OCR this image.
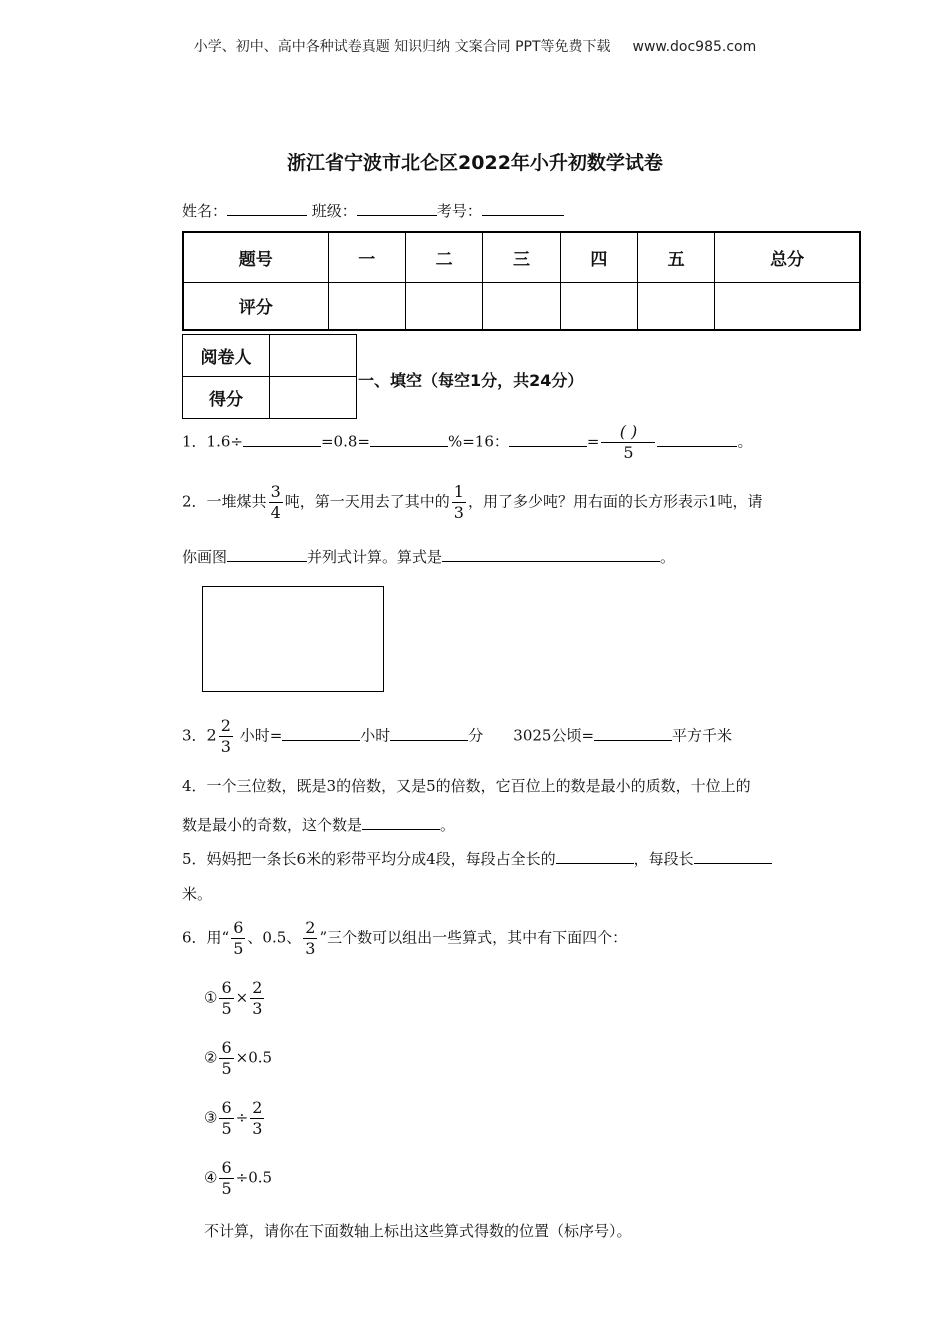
小学、初中、高中各种试卷真题 知识归纳 文案合同 PPT等免费下载 www.doc985.com
浙江省宁波市北仑区2022年小升初数学试卷
姓名：	班级：	考号：
题号	一	二	三	四	五	总分
评分						
阅卷人	
得分	
一、填空（每空1分，共24分）
1．1.6÷	=0.8=	%=16：	= $\frac{( )}{5}$	。
2．一堆煤共 $\frac{3}{4}$ 吨，第一天用去了其中的 $\frac{1}{3}$ ，用了多少吨？用右面的长方形表示1吨，请
你画图	并列式计算。算式是	。
3．$2 \frac{2}{3}$ 小时=	小时	分 3025公顷=	平方千米
4．一个三位数，既是3的倍数，又是5的倍数，它百位上的数是最小的质数，十位上的
数是最小的奇数，这个数是	。
5．妈妈把一条长6米的彩带平均分成4段，每段占全长的	，每段长
米。
6．用“ $\frac{6}{5}$ 、0.5、 $\frac{2}{3}$ ”三个数可以组出一些算式，其中有下面四个：
① $\frac{6}{5} \times \frac{2}{3}$
② $\frac{6}{5} \times 0.5$
③ $\frac{6}{5} \div \frac{2}{3}$
④ $\frac{6}{5} \div 0.5$
不计算，请你在下面数轴上标出这些算式得数的位置（标序号）。
